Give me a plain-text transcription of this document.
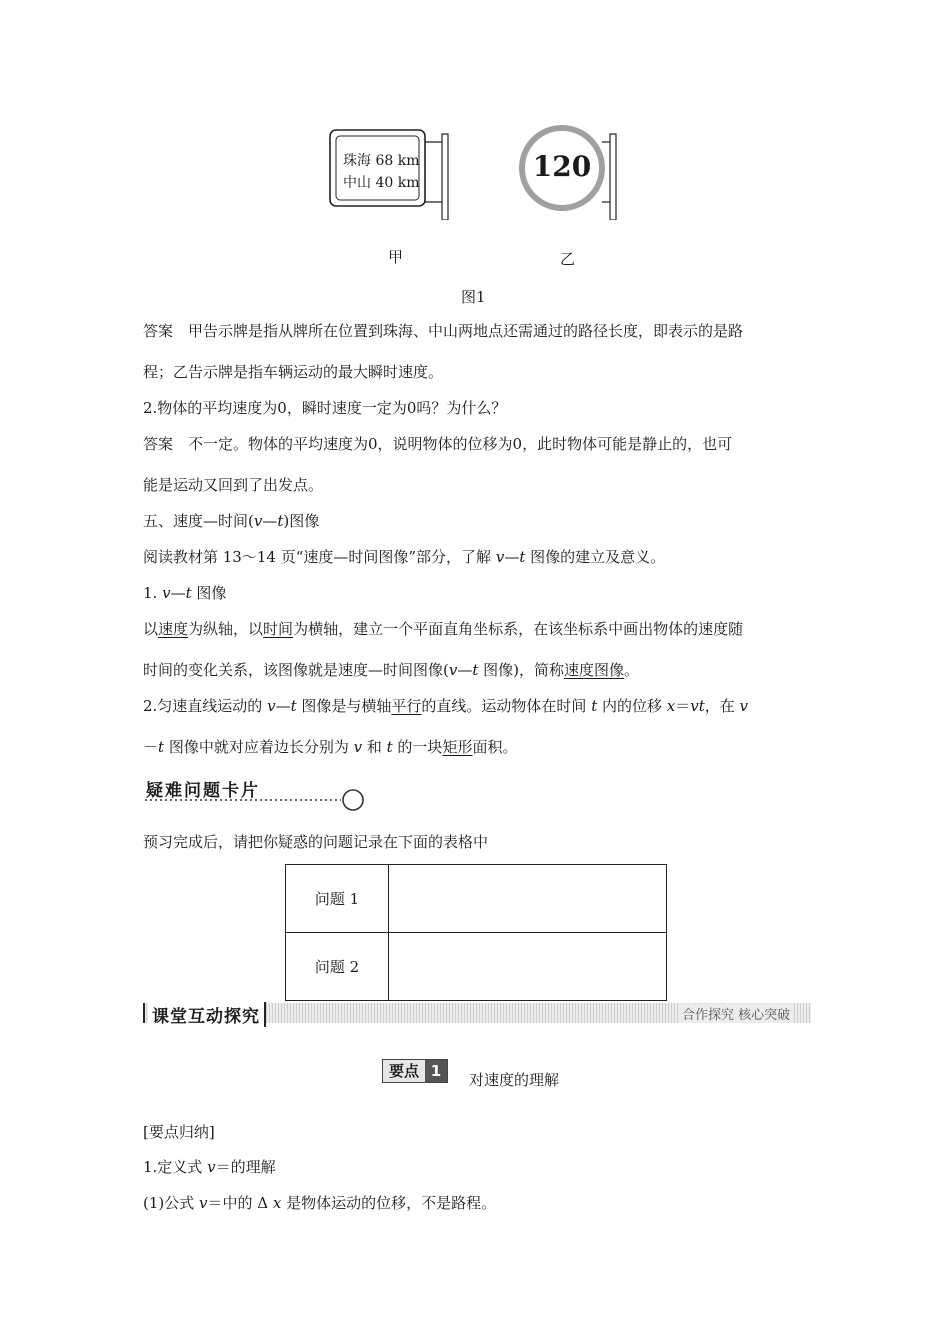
珠海 68 km
中山 40 km	120
甲	乙
图1
答案　甲告示牌是指从牌所在位置到珠海、中山两地点还需通过的路径长度，即表示的是路
程；乙告示牌是指车辆运动的最大瞬时速度。
2.物体的平均速度为0，瞬时速度一定为0吗？为什么？
答案　不一定。物体的平均速度为0，说明物体的位移为0，此时物体可能是静止的，也可
能是运动又回到了出发点。
五、速度—时间(v—t)图像
阅读教材第 13～14 页“速度—时间图像”部分，了解 v—t 图像的建立及意义。
1. v—t 图像
以速度为纵轴，以时间为横轴，建立一个平面直角坐标系，在该坐标系中画出物体的速度随
时间的变化关系，该图像就是速度—时间图像(v—t 图像)，简称速度图像。
2.匀速直线运动的 v—t 图像是与横轴平行的直线。运动物体在时间 t 内的位移 x＝vt，在 v
－t 图像中就对应着边长分别为 v 和 t 的一块矩形面积。
疑难问题卡片
预习完成后，请把你疑惑的问题记录在下面的表格中
问题 1	
问题 2	
课堂互动探究	合作探究 核心突破
要点 1	对速度的理解
[要点归纳]
1.定义式 v＝的理解
(1)公式 v＝中的 Δ x 是物体运动的位移，不是路程。
